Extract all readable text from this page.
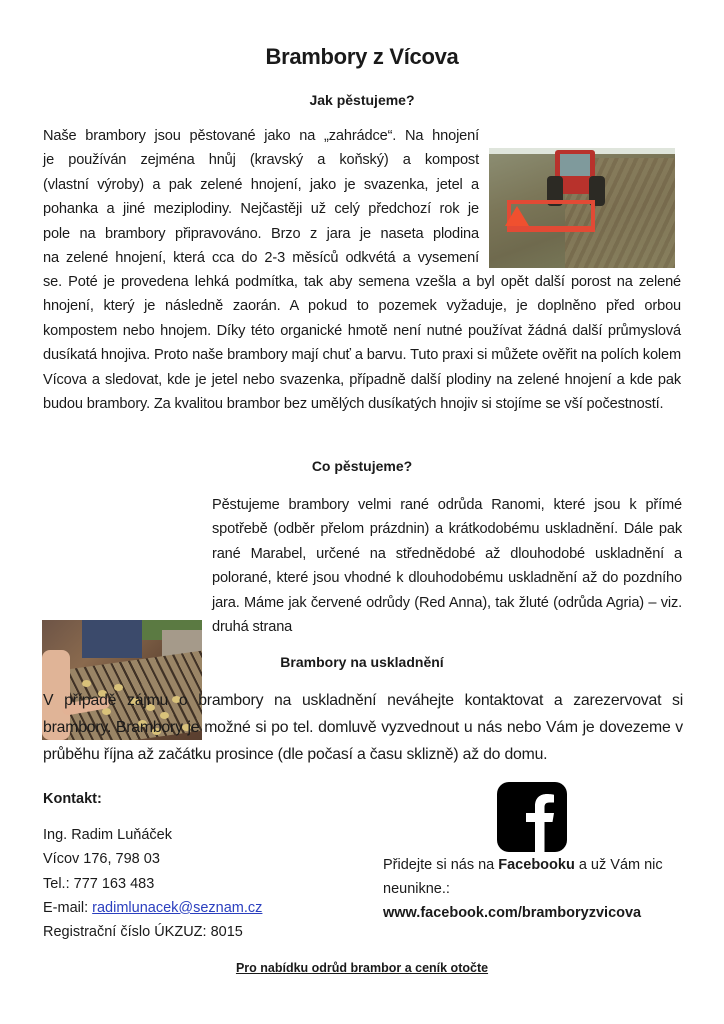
Brambory z Vícova
Jak pěstujeme?
Naše brambory jsou pěstované jako na „zahrádce“. Na hnojení
je používán zejména hnůj (kravský a koňský) a kompost
(vlastní výroby) a pak zelené hnojení, jako je svazenka, jetel a
pohanka a jiné meziplodiny. Nejčastěji už celý předchozí rok je
pole na brambory připravováno. Brzo z jara je naseta plodina
na zelené hnojení, která cca do 2-3 měsíců odkvétá a vysemení
se. Poté je provedena lehká podmítka, tak aby semena vzešla a byl opět další porost na zelené hnojení, který je následně zaorán. A pokud to pozemek vyžaduje, je doplněno před orbou kompostem nebo hnojem. Díky této organické hmotě není nutné používat žádná další průmyslová dusíkatá hnojiva. Proto naše brambory mají chuť a barvu. Tuto praxi si můžete ověřit na polích kolem Vícova a sledovat, kde je jetel nebo svazenka, případně další plodiny na zelené hnojení a kde pak budou brambory. Za kvalitou brambor bez umělých dusíkatých hnojiv si stojíme se vší počestností.
Co pěstujeme?
Pěstujeme brambory velmi rané odrůda Ranomi, které jsou k přímé spotřebě (odběr přelom prázdnin) a krátkodobému uskladnění. Dále pak rané Marabel, určené na střednědobé až dlouhodobé uskladnění a polorané, které jsou vhodné k dlouhodobému uskladnění až do pozdního jara. Máme jak červené odrůdy (Red Anna), tak žluté (odrůda Agria) – viz. druhá strana
Brambory na uskladnění
V případě zájmu o brambory na uskladnění neváhejte kontaktovat a zarezervovat si brambory. Brambory je možné si po tel. domluvě vyzvednout u nás nebo Vám je dovezeme v průběhu října až začátku prosince (dle počasí a času sklizně) až do domu.
Kontakt:
Ing. Radim Luňáček
Vícov 176, 798 03
Tel.: 777 163 483
E-mail: radimlunacek@seznam.cz
Registrační číslo ÚKZUZ: 8015
Přidejte si nás na Facebooku a už Vám nic neunikne.:
www.facebook.com/bramboryzvicova
Pro nabídku odrůd brambor a ceník otočte
